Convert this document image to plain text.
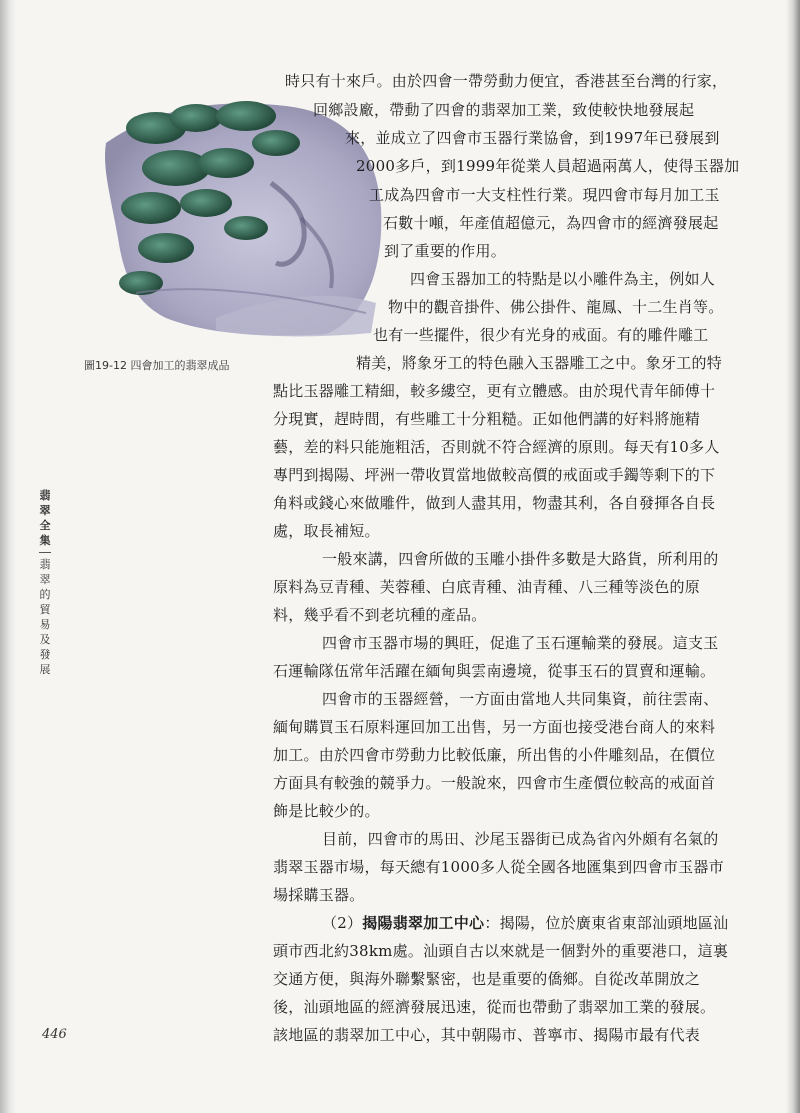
圖19-12 四會加工的翡翠成品
翡翠全集
翡翠的貿易及發展
時只有十來戶。由於四會一帶勞動力便宜，香港甚至台灣的行家，
回鄉設廠，帶動了四會的翡翠加工業，致使較快地發展起
來，並成立了四會市玉器行業協會，到1997年已發展到
2000多戶，到1999年從業人員超過兩萬人，使得玉器加
工成為四會市一大支柱性行業。現四會市每月加工玉
石數十噸，年產值超億元，為四會市的經濟發展起
到了重要的作用。
四會玉器加工的特點是以小雕件為主，例如人
物中的觀音掛件、佛公掛件、龍鳳、十二生肖等。
也有一些擺件，很少有光身的戒面。有的雕件雕工
精美，將象牙工的特色融入玉器雕工之中。象牙工的特
點比玉器雕工精細，較多縷空，更有立體感。由於現代青年師傅十
分現實，趕時間，有些雕工十分粗糙。正如他們講的好料將施精
藝，差的料只能施粗活，否則就不符合經濟的原則。每天有10多人
專門到揭陽、坪洲一帶收買當地做較高價的戒面或手鐲等剩下的下
角料或錢心來做雕件，做到人盡其用，物盡其利，各自發揮各自長
處，取長補短。
一般來講，四會所做的玉雕小掛件多數是大路貨，所利用的
原料為豆青種、芙蓉種、白底青種、油青種、八三種等淡色的原
料，幾乎看不到老坑種的產品。
四會市玉器市場的興旺，促進了玉石運輸業的發展。這支玉
石運輸隊伍常年活躍在緬甸與雲南邊境，從事玉石的買賣和運輸。
四會市的玉器經營，一方面由當地人共同集資，前往雲南、
緬甸購買玉石原料運回加工出售，另一方面也接受港台商人的來料
加工。由於四會市勞動力比較低廉，所出售的小件雕刻品，在價位
方面具有較強的競爭力。一般說來，四會市生產價位較高的戒面首
飾是比較少的。
目前，四會市的馬田、沙尾玉器街已成為省內外頗有名氣的
翡翠玉器市場，每天總有1000多人從全國各地匯集到四會市玉器市
場採購玉器。
（2）揭陽翡翠加工中心：揭陽，位於廣東省東部汕頭地區汕
頭市西北約38km處。汕頭自古以來就是一個對外的重要港口，這裏
交通方便，與海外聯繫緊密，也是重要的僑鄉。自從改革開放之
後，汕頭地區的經濟發展迅速，從而也帶動了翡翠加工業的發展。
該地區的翡翠加工中心，其中朝陽市、普寧市、揭陽市最有代表
446
